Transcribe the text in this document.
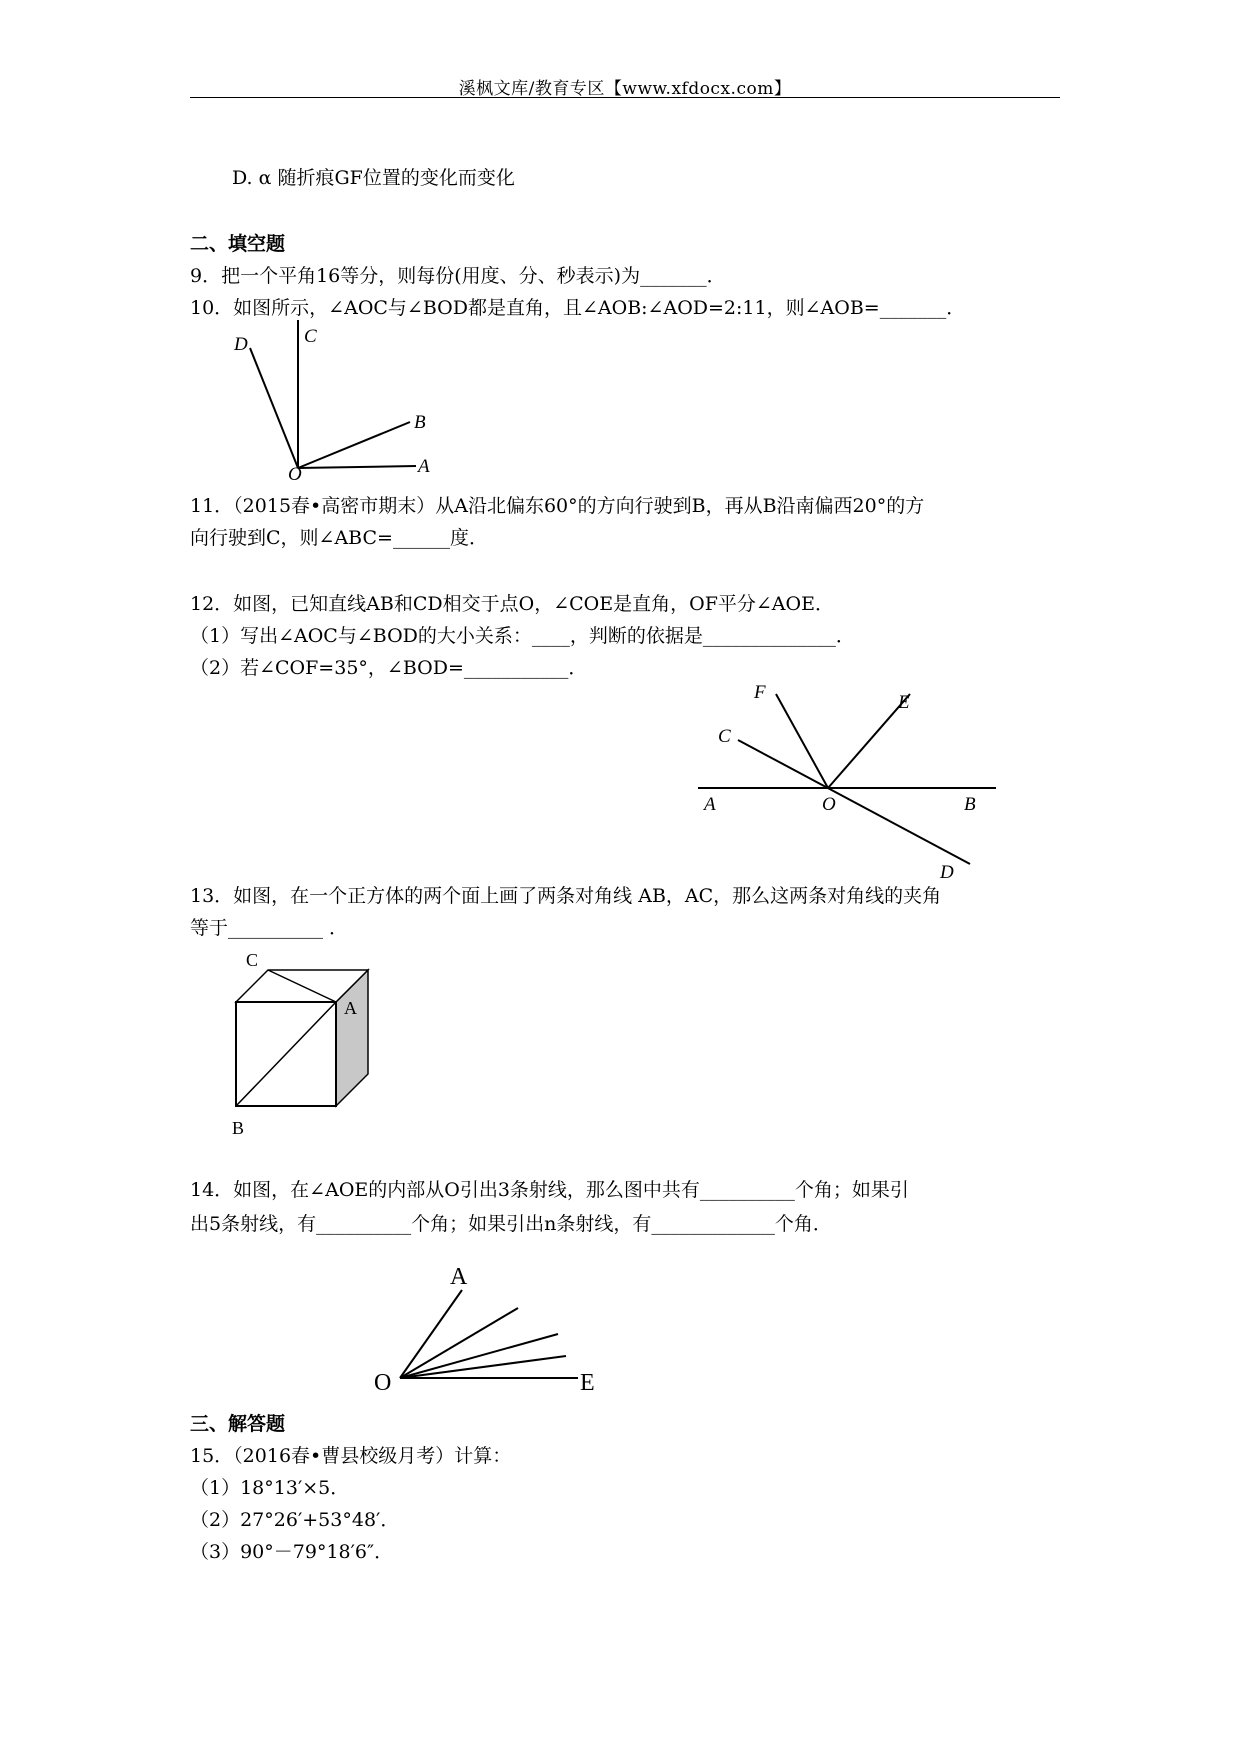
溪枫文库/教育专区【www.xfdocx.com】
D. α 随折痕GF位置的变化而变化
二、填空题
9．把一个平角16等分，则每份(用度、分、秒表示)为_______．
10．如图所示，∠AOC与∠BOD都是直角，且∠AOB:∠AOD=2:11，则∠AOB=_______．
D	C
B
O	A
11．（2015春•高密市期末）从A沿北偏东60°的方向行驶到B，再从B沿南偏西20°的方
向行驶到C，则∠ABC=______度．
12．如图，已知直线AB和CD相交于点O，∠COE是直角，OF平分∠AOE．
（1）写出∠AOC与∠BOD的大小关系：____，判断的依据是______________．
（2）若∠COF=35°，∠BOD=___________．
F	E
C
A	O	B
D
13．如图，在一个正方体的两个面上画了两条对角线 AB，AC，那么这两条对角线的夹角
等于__________ ．
C
A
B
14．如图，在∠AOE的内部从O引出3条射线，那么图中共有__________个角；如果引
出5条射线，有__________个角；如果引出n条射线，有_____________个角．
A
O	E
三、解答题
15．（2016春•曹县校级月考）计算：
（1）18°13′×5．
（2）27°26′+53°48′．
（3）90°－79°18′6″．
